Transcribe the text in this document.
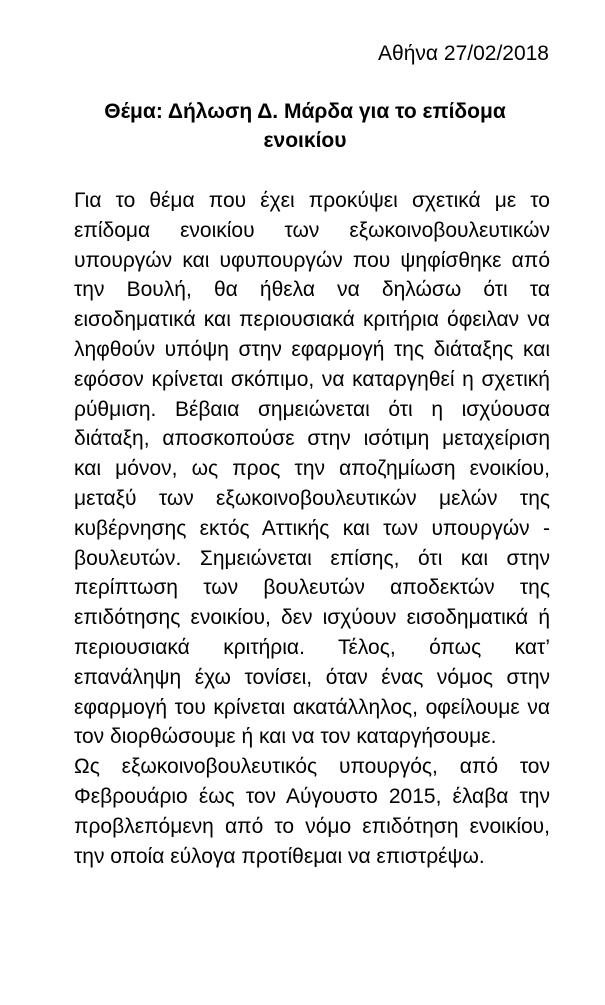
Αθήνα 27/02/2018
Θέμα: Δήλωση Δ. Μάρδα για το επίδομα ενοικίου

Για το θέμα που έχει προκύψει σχετικά με το επίδομα ενοικίου των εξωκοινοβουλευτικών υπουργών και υφυπουργών που ψηφίσθηκε από την Βουλή, θα ήθελα να δηλώσω ότι τα εισοδηματικά και περιουσιακά κριτήρια όφειλαν να ληφθούν υπόψη στην εφαρμογή της διάταξης και εφόσον κρίνεται σκόπιμο, να καταργηθεί η σχετική ρύθμιση. Βέβαια σημειώνεται ότι η ισχύουσα διάταξη, αποσκοπούσε στην ισότιμη μεταχείριση και μόνον, ως προς την αποζημίωση ενοικίου, μεταξύ των εξωκοινοβουλευτικών μελών της κυβέρνησης εκτός Αττικής και των υπουργών - βουλευτών. Σημειώνεται επίσης, ότι και στην περίπτωση των βουλευτών αποδεκτών της επιδότησης ενοικίου, δεν ισχύουν εισοδηματικά ή περιουσιακά κριτήρια. Τέλος, όπως κατ’ επανάληψη έχω τονίσει, όταν ένας νόμος στην εφαρμογή του κρίνεται ακατάλληλος, οφείλουμε να τον διορθώσουμε ή και να τον καταργήσουμε.

Ως εξωκοινοβουλευτικός υπουργός, από τον Φεβρουάριο έως τον Αύγουστο 2015, έλαβα την προβλεπόμενη από το νόμο επιδότηση ενοικίου, την οποία εύλογα προτίθεμαι να επιστρέψω.
